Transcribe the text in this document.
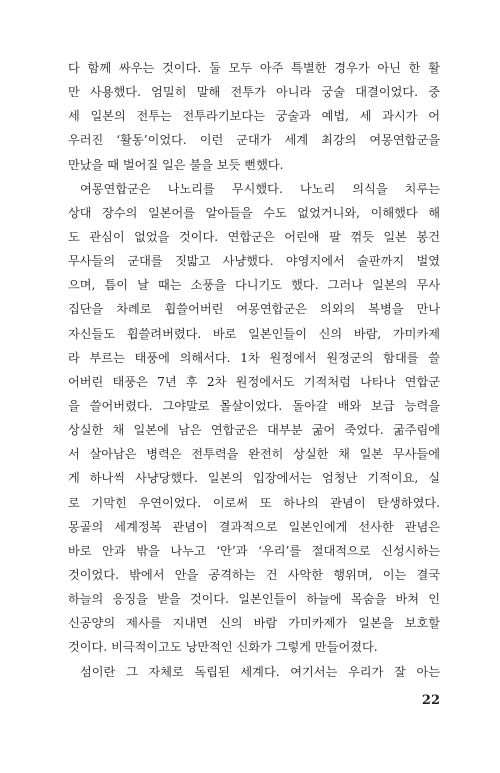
다 함께 싸우는 것이다. 둘 모두 아주 특별한 경우가 아닌 한 활
만 사용했다. 엄밀히 말해 전투가 아니라 궁술 대결이었다. 중
세 일본의 전투는 전투라기보다는 궁술과 예법, 세 과시가 어
우러진 ‘활동’이었다. 이런 군대가 세계 최강의 여몽연합군을
만났을 때 벌어질 일은 불을 보듯 뻔했다.
여몽연합군은 나노리를 무시했다. 나노리 의식을 치루는
상대 장수의 일본어를 알아들을 수도 없었거니와, 이해했다 해
도 관심이 없었을 것이다. 연합군은 어린애 팔 꺾듯 일본 봉건
무사들의 군대를 짓밟고 사냥했다. 야영지에서 술판까지 벌였
으며, 틈이 날 때는 소풍을 다니기도 했다. 그러나 일본의 무사
집단을 차례로 휩쓸어버린 여몽연합군은 의외의 복병을 만나
자신들도 휩쓸려버렸다. 바로 일본인들이 신의 바람, 가미카제
라 부르는 태풍에 의해서다. 1차 원정에서 원정군의 함대를 쓸
어버린 태풍은 7년 후 2차 원정에서도 기적처럼 나타나 연합군
을 쓸어버렸다. 그야말로 몰살이었다. 돌아갈 배와 보급 능력을
상실한 채 일본에 남은 연합군은 대부분 굶어 죽었다. 굶주림에
서 살아남은 병력은 전투력을 완전히 상실한 채 일본 무사들에
게 하나씩 사냥당했다. 일본의 입장에서는 엄청난 기적이요, 실
로 기막힌 우연이었다. 이로써 또 하나의 관념이 탄생하였다.
몽골의 세계정복 관념이 결과적으로 일본인에게 선사한 관념은
바로 안과 밖을 나누고 ‘안’과 ‘우리’를 절대적으로 신성시하는
것이었다. 밖에서 안을 공격하는 건 사악한 행위며, 이는 결국
하늘의 응징을 받을 것이다. 일본인들이 하늘에 목숨을 바쳐 인
신공양의 제사를 지내면 신의 바람 가미카제가 일본을 보호할
것이다. 비극적이고도 낭만적인 신화가 그렇게 만들어졌다.
섬이란 그 자체로 독립된 세계다. 여기서는 우리가 잘 아는
22
